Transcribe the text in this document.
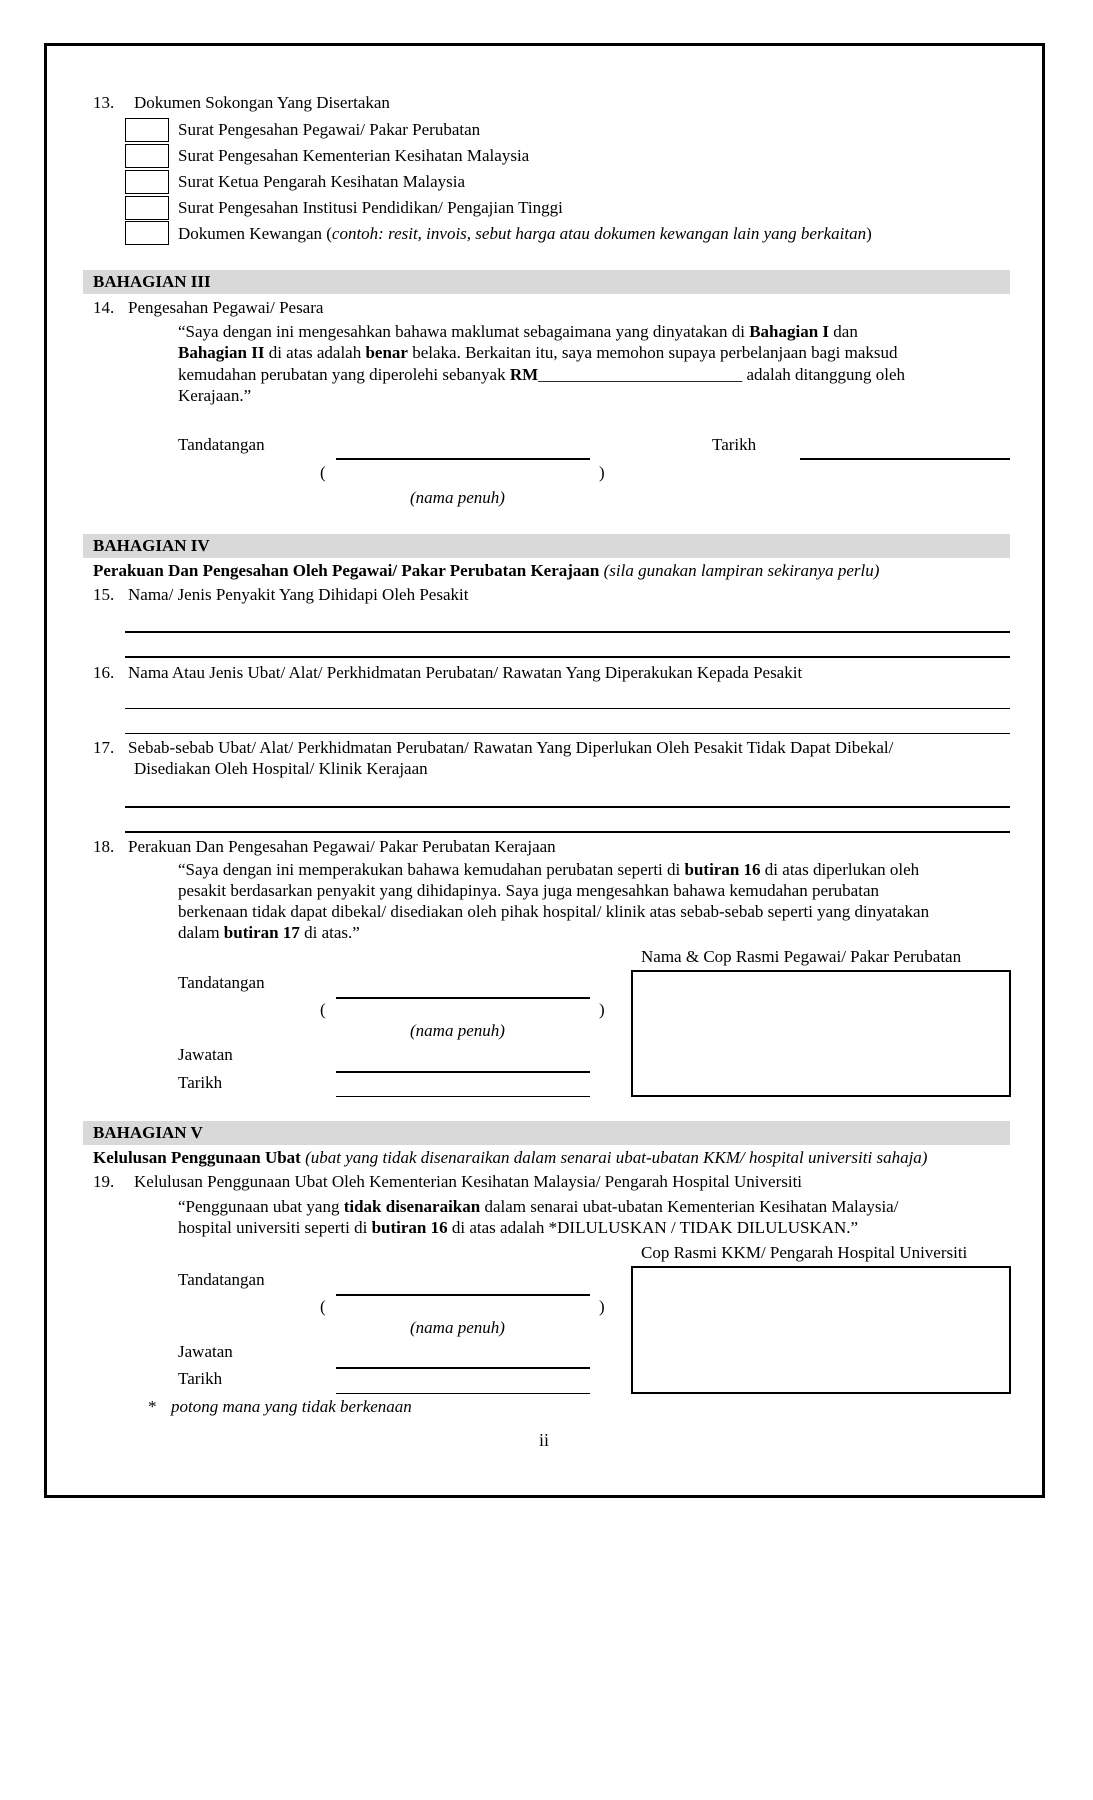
13. Dokumen Sokongan Yang Disertakan
Surat Pengesahan Pegawai/ Pakar Perubatan
Surat Pengesahan Kementerian Kesihatan Malaysia
Surat Ketua Pengarah Kesihatan Malaysia
Surat Pengesahan Institusi Pendidikan/ Pengajian Tinggi
Dokumen Kewangan (contoh: resit, invois, sebut harga atau dokumen kewangan lain yang berkaitan)
BAHAGIAN III
14. Pengesahan Pegawai/ Pesara
“Saya dengan ini mengesahkan bahawa maklumat sebagaimana yang dinyatakan di Bahagian I dan
Bahagian II di atas adalah benar belaka. Berkaitan itu, saya memohon supaya perbelanjaan bagi maksud
kemudahan perubatan yang diperolehi sebanyak RM________________________ adalah ditanggung oleh
Kerajaan.”
Tandatangan	Tarikh
(	)
(nama penuh)
BAHAGIAN IV
Perakuan Dan Pengesahan Oleh Pegawai/ Pakar Perubatan Kerajaan (sila gunakan lampiran sekiranya perlu)
15. Nama/ Jenis Penyakit Yang Dihidapi Oleh Pesakit
16. Nama Atau Jenis Ubat/ Alat/ Perkhidmatan Perubatan/ Rawatan Yang Diperakukan Kepada Pesakit
17. Sebab-sebab Ubat/ Alat/ Perkhidmatan Perubatan/ Rawatan Yang Diperlukan Oleh Pesakit Tidak Dapat Dibekal/
Disediakan Oleh Hospital/ Klinik Kerajaan
18. Perakuan Dan Pengesahan Pegawai/ Pakar Perubatan Kerajaan
“Saya dengan ini memperakukan bahawa kemudahan perubatan seperti di butiran 16 di atas diperlukan oleh
pesakit berdasarkan penyakit yang dihidapinya. Saya juga mengesahkan bahawa kemudahan perubatan
berkenaan tidak dapat dibekal/ disediakan oleh pihak hospital/ klinik atas sebab-sebab seperti yang dinyatakan
dalam butiran 17 di atas.”
Nama & Cop Rasmi Pegawai/ Pakar Perubatan
Tandatangan
(	)
(nama penuh)
Jawatan
Tarikh
BAHAGIAN V
Kelulusan Penggunaan Ubat (ubat yang tidak disenaraikan dalam senarai ubat-ubatan KKM/ hospital universiti sahaja)
19. Kelulusan Penggunaan Ubat Oleh Kementerian Kesihatan Malaysia/ Pengarah Hospital Universiti
“Penggunaan ubat yang tidak disenaraikan dalam senarai ubat-ubatan Kementerian Kesihatan Malaysia/
hospital universiti seperti di butiran 16 di atas adalah *DILULUSKAN / TIDAK DILULUSKAN.”
Cop Rasmi KKM/ Pengarah Hospital Universiti
Tandatangan
(	)
(nama penuh)
Jawatan
Tarikh
* potong mana yang tidak berkenaan
ii
